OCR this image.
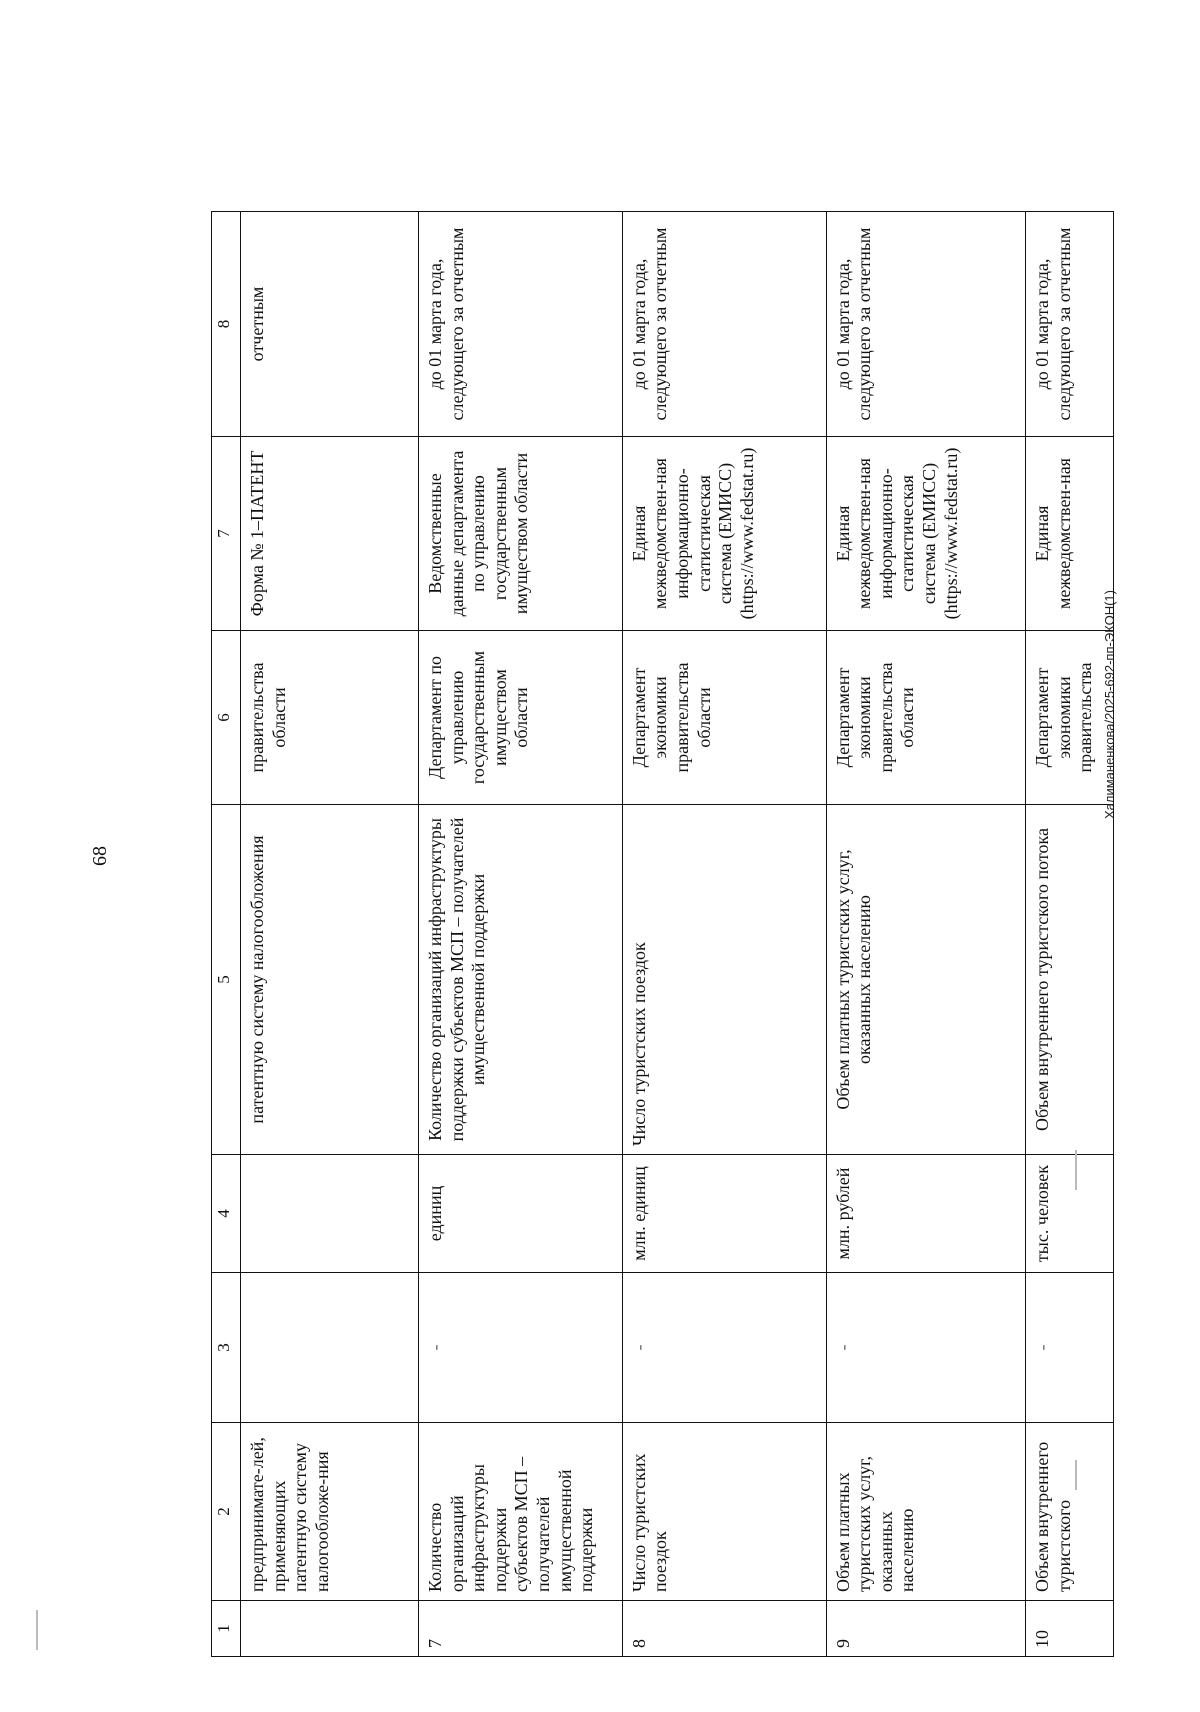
68
1	2	3	4	5	6	7	8
	предпринимате-лей, применяющих патентную систему налогообложе-ния			патентную систему налогообложения	правительства области	Форма № 1–ПАТЕНТ	отчетным
7	Количество организаций инфраструктуры поддержки субъектов МСП – получателей имущественной поддержки	-	единиц	Количество организаций инфраструктуры поддержки субъектов МСП – получателей имущественной поддержки	Департамент по управлению государственным имуществом области	Ведомственные данные департамента по управлению государственным имуществом области	до 01 марта года, следующего за отчетным
8	Число туристских поездок	-	млн. единиц	Число туристских поездок	Департамент экономики правительства области	Единая межведомствен-ная информационно-статистическая система (ЕМИСС) (https://www.fedstat.ru)	до 01 марта года, следующего за отчетным
9	Объем платных туристских услуг, оказанных населению	-	млн. рублей	Объем платных туристских услуг, оказанных населению	Департамент экономики правительства области	Единая межведомствен-ная информационно-статистическая система (ЕМИСС) (https://www.fedstat.ru)	до 01 марта года, следующего за отчетным
10	Объем внутреннего туристского	-	тыс. человек	Объем внутреннего туристского потока	Департамент экономики правительства	Единая межведомствен-ная	до 01 марта года, следующего за отчетным
Халиманенкова/2025-692-пп-ЭКОН(1)
